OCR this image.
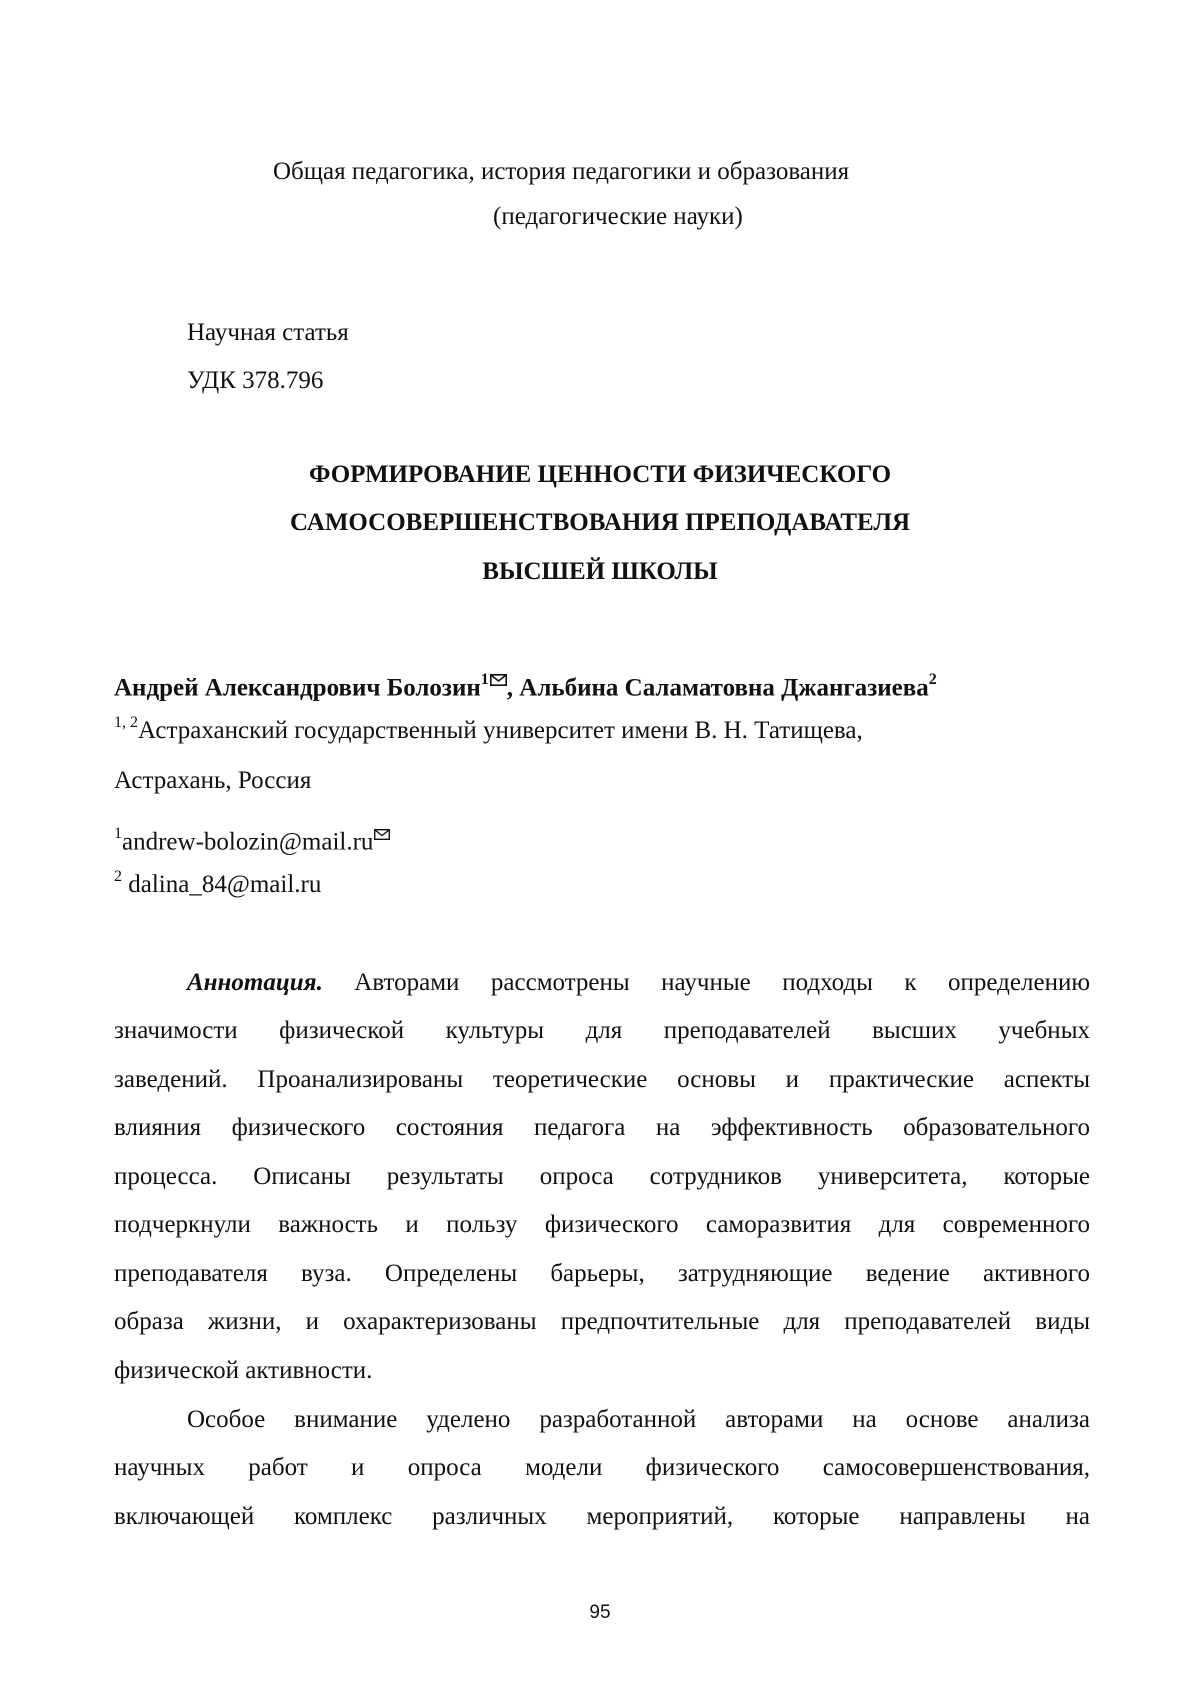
Общая педагогика, история педагогики и образования
(педагогические науки)
Научная статья
УДК 378.796
ФОРМИРОВАНИЕ ЦЕННОСТИ ФИЗИЧЕСКОГО
САМОСОВЕРШЕНСТВОВАНИЯ ПРЕПОДАВАТЕЛЯ
ВЫСШЕЙ ШКОЛЫ
Андрей Александрович Болозин$^1$ , Альбина Саламатовна Джангазиева$^2$
$^{1, 2}$Астраханский государственный университет имени В. Н. Татищева,
Астрахань, Россия
$^1$andrew-bolozin@mail.ru
$^2$ dalina_84@mail.ru
Аннотация. Авторами рассмотрены научные подходы к определению
значимости физической культуры для преподавателей высших учебных
заведений. Проанализированы теоретические основы и практические аспекты
влияния физического состояния педагога на эффективность образовательного
процесса. Описаны результаты опроса сотрудников университета, которые
подчеркнули важность и пользу физического саморазвития для современного
преподавателя вуза. Определены барьеры, затрудняющие ведение активного
образа жизни, и охарактеризованы предпочтительные для преподавателей виды
физической активности.
Особое внимание уделено разработанной авторами на основе анализа
научных работ и опроса модели физического самосовершенствования,
включающей комплекс различных мероприятий, которые направлены на
95
